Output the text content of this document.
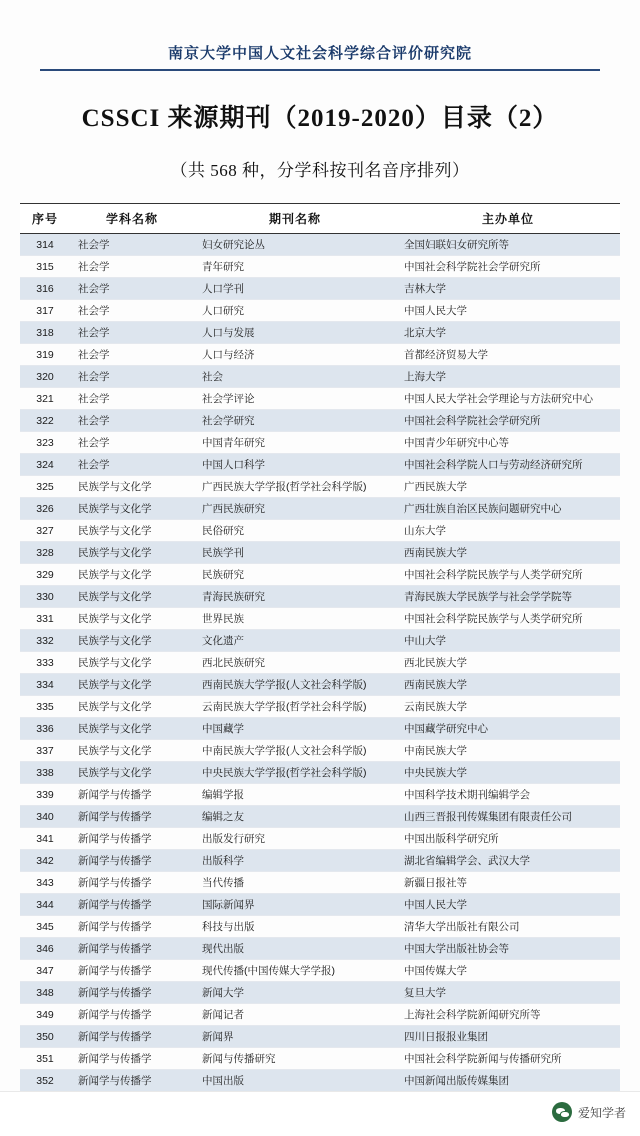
南京大学中国人文社会科学综合评价研究院
CSSCI 来源期刊（2019-2020）目录（2）
（共 568 种，分学科按刊名音序排列）
序号	学科名称	期刊名称	主办单位
314	社会学	妇女研究论丛	全国妇联妇女研究所等
315	社会学	青年研究	中国社会科学院社会学研究所
316	社会学	人口学刊	吉林大学
317	社会学	人口研究	中国人民大学
318	社会学	人口与发展	北京大学
319	社会学	人口与经济	首都经济贸易大学
320	社会学	社会	上海大学
321	社会学	社会学评论	中国人民大学社会学理论与方法研究中心
322	社会学	社会学研究	中国社会科学院社会学研究所
323	社会学	中国青年研究	中国青少年研究中心等
324	社会学	中国人口科学	中国社会科学院人口与劳动经济研究所
325	民族学与文化学	广西民族大学学报(哲学社会科学版)	广西民族大学
326	民族学与文化学	广西民族研究	广西壮族自治区民族问题研究中心
327	民族学与文化学	民俗研究	山东大学
328	民族学与文化学	民族学刊	西南民族大学
329	民族学与文化学	民族研究	中国社会科学院民族学与人类学研究所
330	民族学与文化学	青海民族研究	青海民族大学民族学与社会学学院等
331	民族学与文化学	世界民族	中国社会科学院民族学与人类学研究所
332	民族学与文化学	文化遗产	中山大学
333	民族学与文化学	西北民族研究	西北民族大学
334	民族学与文化学	西南民族大学学报(人文社会科学版)	西南民族大学
335	民族学与文化学	云南民族大学学报(哲学社会科学版)	云南民族大学
336	民族学与文化学	中国藏学	中国藏学研究中心
337	民族学与文化学	中南民族大学学报(人文社会科学版)	中南民族大学
338	民族学与文化学	中央民族大学学报(哲学社会科学版)	中央民族大学
339	新闻学与传播学	编辑学报	中国科学技术期刊编辑学会
340	新闻学与传播学	编辑之友	山西三晋报刊传媒集团有限责任公司
341	新闻学与传播学	出版发行研究	中国出版科学研究所
342	新闻学与传播学	出版科学	湖北省编辑学会、武汉大学
343	新闻学与传播学	当代传播	新疆日报社等
344	新闻学与传播学	国际新闻界	中国人民大学
345	新闻学与传播学	科技与出版	清华大学出版社有限公司
346	新闻学与传播学	现代出版	中国大学出版社协会等
347	新闻学与传播学	现代传播(中国传媒大学学报)	中国传媒大学
348	新闻学与传播学	新闻大学	复旦大学
349	新闻学与传播学	新闻记者	上海社会科学院新闻研究所等
350	新闻学与传播学	新闻界	四川日报报业集团
351	新闻学与传播学	新闻与传播研究	中国社会科学院新闻与传播研究所
352	新闻学与传播学	中国出版	中国新闻出版传媒集团
爱知学者
